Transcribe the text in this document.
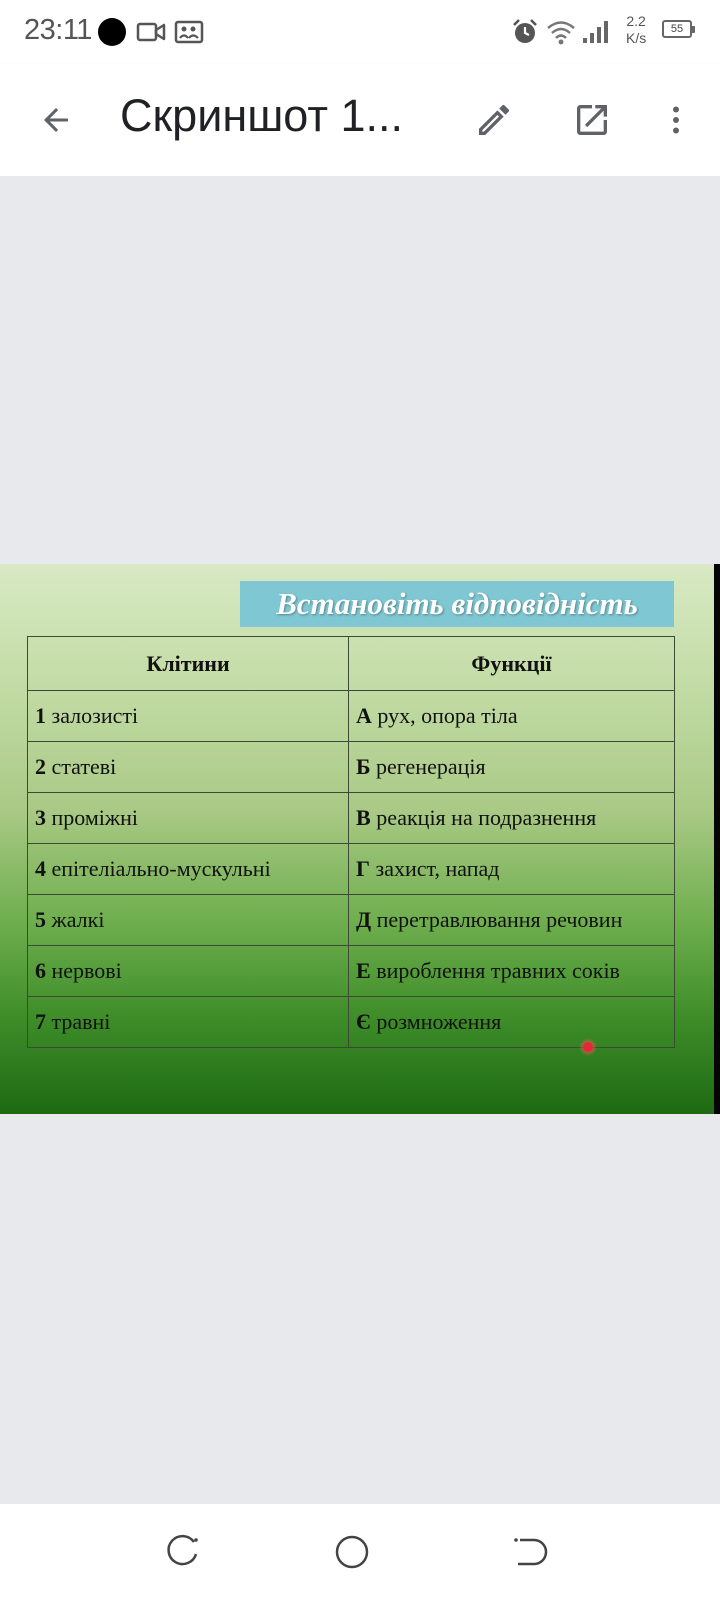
23:11	2.2
K/s
55
Скриншот 1...
Встановіть відповідність
Клітини	Функції
1 залозисті	А рух, опора тіла
2 статеві	Б регенерація
3 проміжні	В реакція на подразнення
4 епітеліально-мускульні	Г захист, напад
5 жалкі	Д перетравлювання речовин
6 нервові	Е вироблення травних соків
7 травні	Є розмноження
